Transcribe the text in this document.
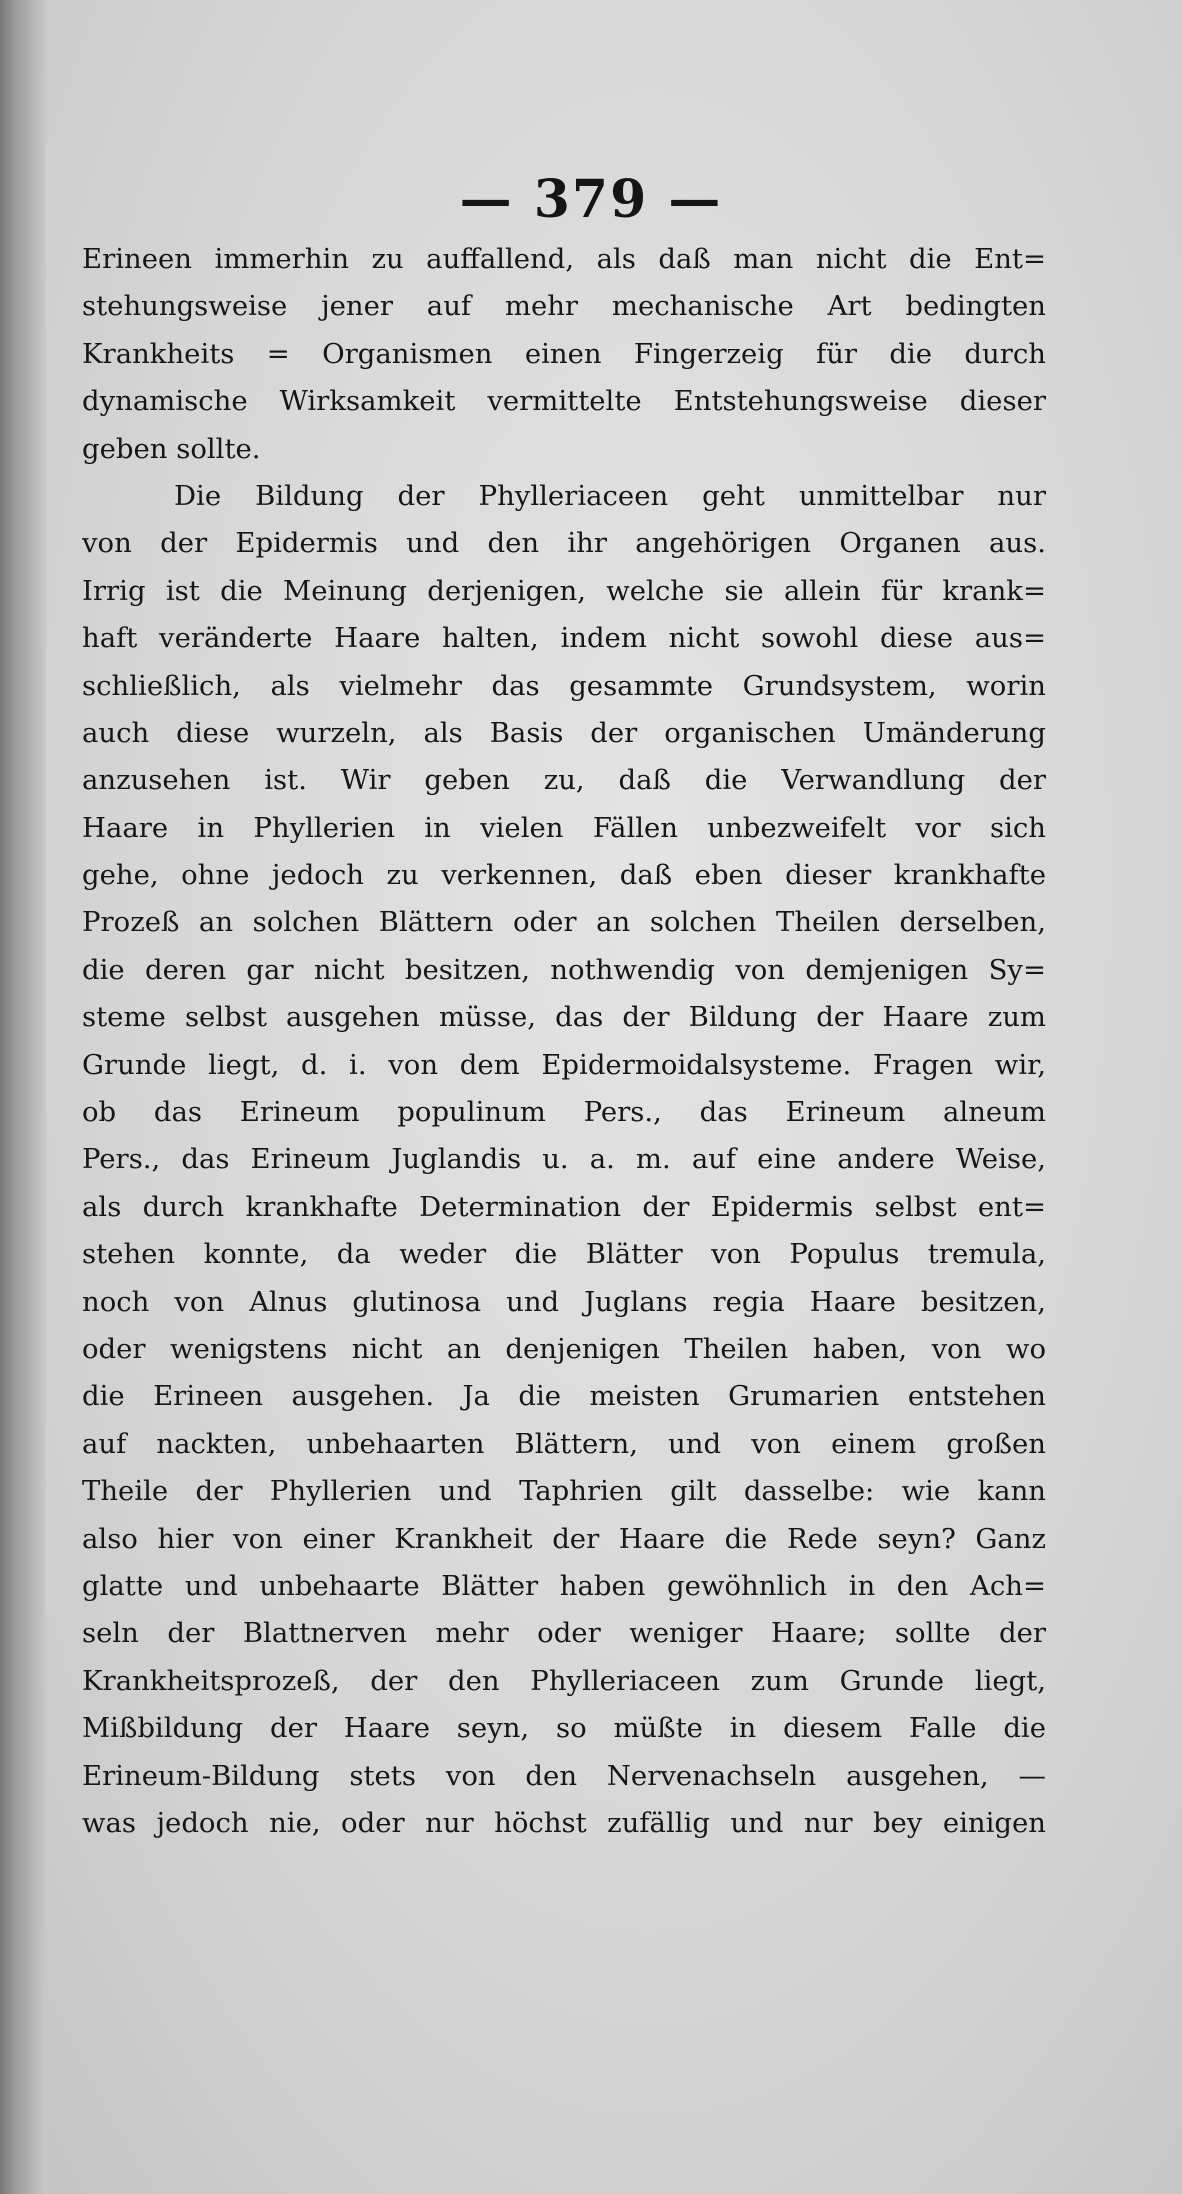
— 379 —
Erineen immerhin zu auffallend, als daß man nicht die Ent=
stehungsweise jener auf mehr mechanische Art bedingten
Krankheits = Organismen einen Fingerzeig für die durch
dynamische Wirksamkeit vermittelte Entstehungsweise dieser
geben sollte.
Die Bildung der Phylleriaceen geht unmittelbar nur
von der Epidermis und den ihr angehörigen Organen aus.
Irrig ist die Meinung derjenigen, welche sie allein für krank=
haft veränderte Haare halten, indem nicht sowohl diese aus=
schließlich, als vielmehr das gesammte Grundsystem, worin
auch diese wurzeln, als Basis der organischen Umänderung
anzusehen ist. Wir geben zu, daß die Verwandlung der
Haare in Phyllerien in vielen Fällen unbezweifelt vor sich
gehe, ohne jedoch zu verkennen, daß eben dieser krankhafte
Prozeß an solchen Blättern oder an solchen Theilen derselben,
die deren gar nicht besitzen, nothwendig von demjenigen Sy=
steme selbst ausgehen müsse, das der Bildung der Haare zum
Grunde liegt, d. i. von dem Epidermoidalsysteme. Fragen wir,
ob das Erineum populinum Pers., das Erineum alneum
Pers., das Erineum Juglandis u. a. m. auf eine andere Weise,
als durch krankhafte Determination der Epidermis selbst ent=
stehen konnte, da weder die Blätter von Populus tremula,
noch von Alnus glutinosa und Juglans regia Haare besitzen,
oder wenigstens nicht an denjenigen Theilen haben, von wo
die Erineen ausgehen. Ja die meisten Grumarien entstehen
auf nackten, unbehaarten Blättern, und von einem großen
Theile der Phyllerien und Taphrien gilt dasselbe: wie kann
also hier von einer Krankheit der Haare die Rede seyn? Ganz
glatte und unbehaarte Blätter haben gewöhnlich in den Ach=
seln der Blattnerven mehr oder weniger Haare; sollte der
Krankheitsprozeß, der den Phylleriaceen zum Grunde liegt,
Mißbildung der Haare seyn, so müßte in diesem Falle die
Erineum-Bildung stets von den Nervenachseln ausgehen, —
was jedoch nie, oder nur höchst zufällig und nur bey einigen
